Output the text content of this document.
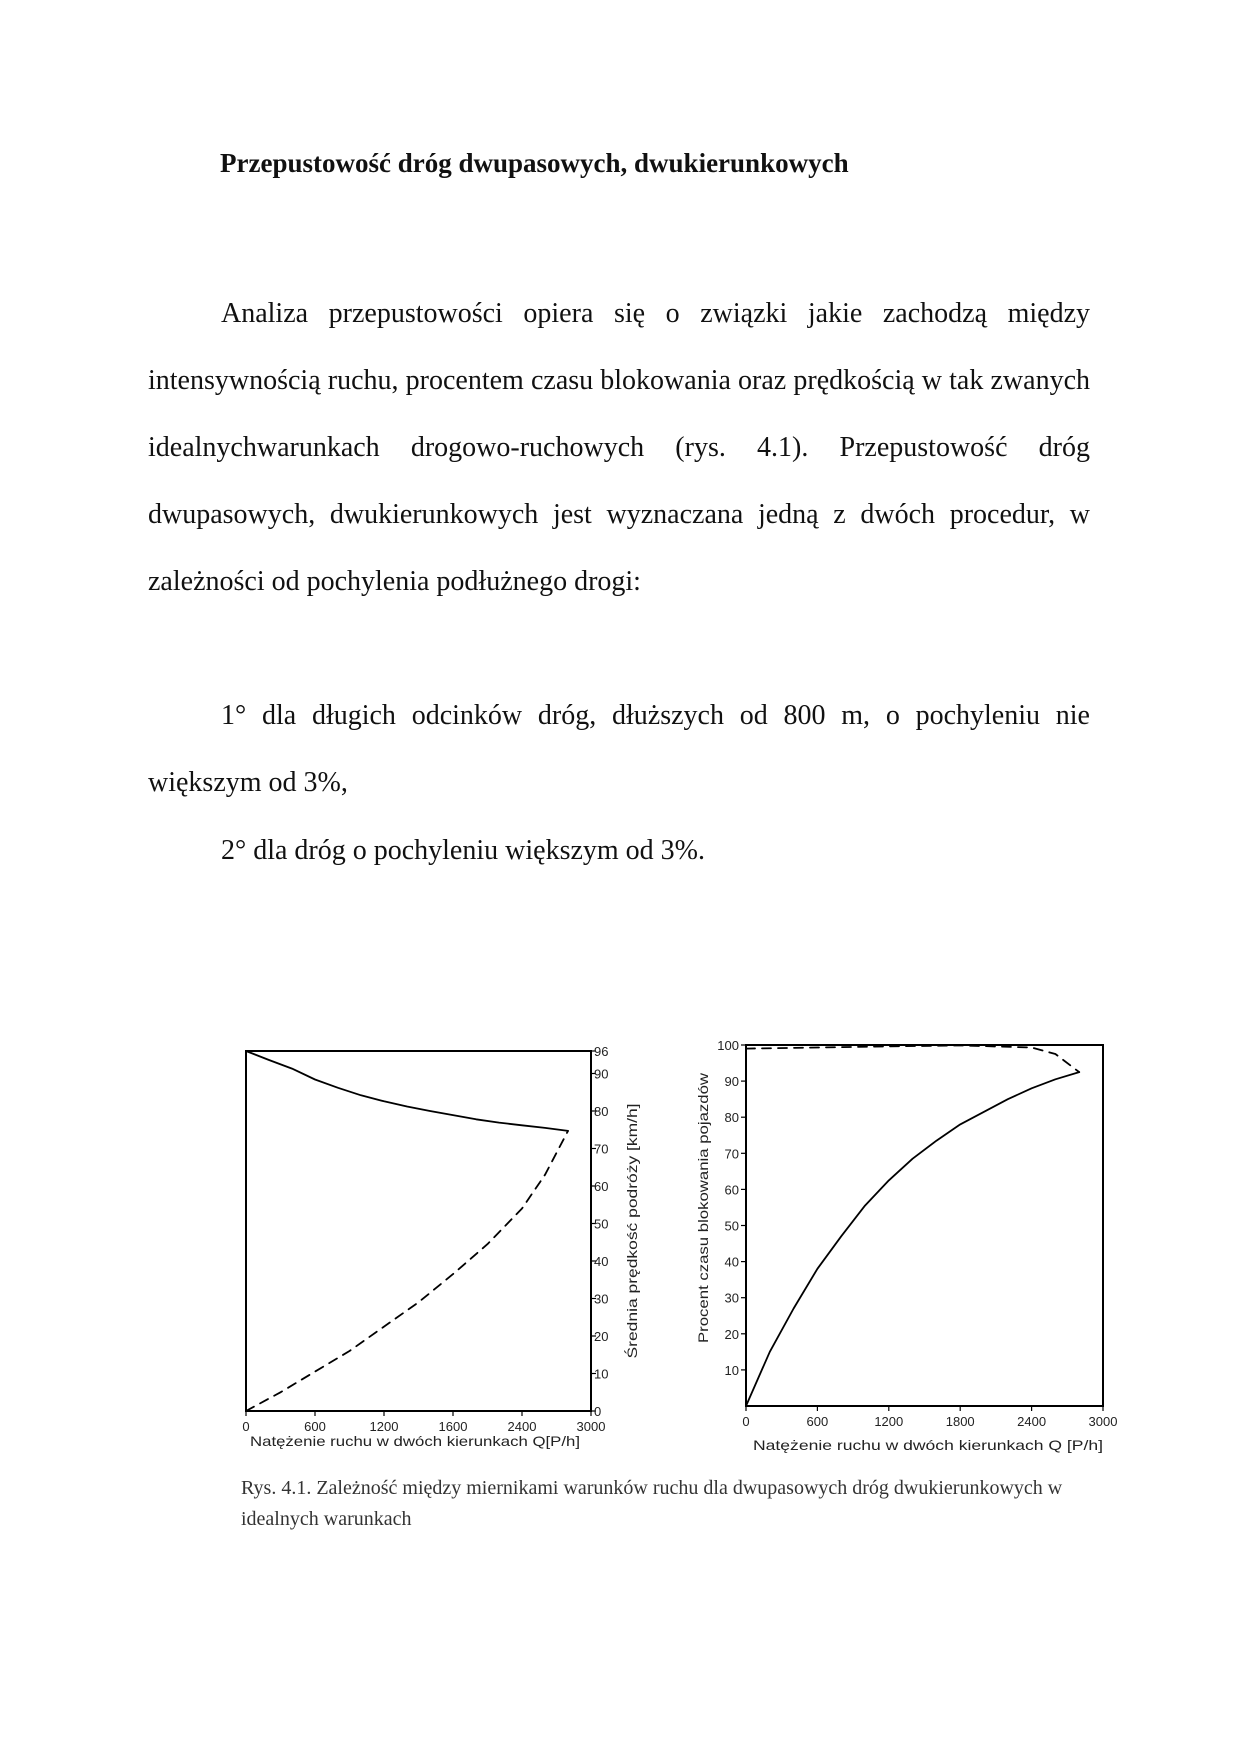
Przepustowość dróg dwupasowych, dwukierunkowych

Analiza przepustowości opiera się o związki jakie zachodzą między intensywnością ruchu, procentem czasu blokowania oraz prędkością w tak zwanych idealnychwarunkach drogowo-ruchowych (rys. 4.1). Przepustowość dróg dwupasowych, dwukierunkowych jest wyznaczana jedną z dwóch procedur, w zależności od pochylenia podłużnego drogi:

1° dla długich odcinków dróg, dłuższych od 800 m, o pochyleniu nie większym od 3%,

2° dla dróg o pochyleniu większym od 3%.
0	600	1200	1600	2400	3000
0
10
20
30
40
50
60
70
80
90
96
Natężenie ruchu w dwóch kierunkach Q[P/h]
Średnia prędkość podróży [km/h]
0	600	1200	1800	2400	3000
10
20
30
40
50
60
70
80
90
100
Natężenie ruchu w dwóch kierunkach Q [P/h]
Procent czasu blokowania pojazdów
Rys. 4.1. Zależność między miernikami warunków ruchu dla dwupasowych dróg dwukierunkowych w idealnych warunkach
